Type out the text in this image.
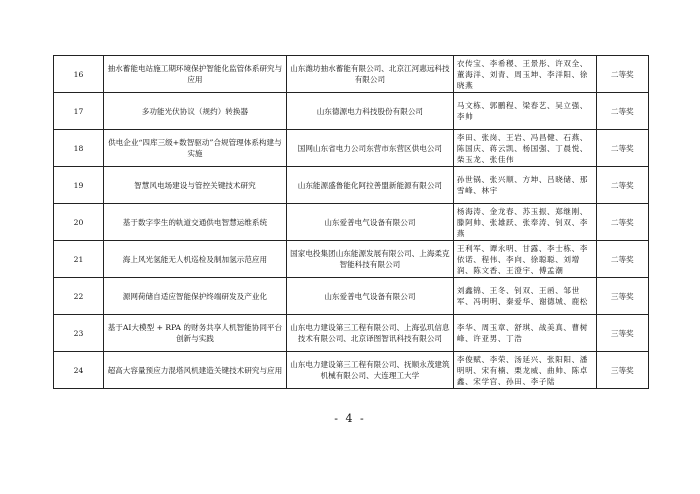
16	抽水蓄能电站施工期环境保护智能化监管体系研究与应用	山东潍坊抽水蓄能有限公司、北京江河惠远科技有限公司	衣传宝、李希稷、王景彤、许双全、董海洋、刘青、周玉坤、李洋阳、徐晓燕	二等奖
17	多功能光伏协议（规约）转换器	山东德源电力科技股份有限公司	马文栋、郭鹏程、梁春艺、吴立强、李帅	二等奖
18	供电企业“四库三级+数智驱动”合规管理体系构建与实施	国网山东省电力公司东营市东营区供电公司	李田、张岗、王岩、冯昌健、石燕、陈国庆、蒋云凯、杨国强、丁晨悦、柴玉龙、张佳伟	二等奖
19	智慧风电场建设与管控关键技术研究	山东能源盛鲁能化阿拉善盟新能源有限公司	孙世锅、张兴顺、方坤、吕晓储、那雪峰、林宇	二等奖
20	基于数字孪生的轨道交通供电智慧运维系统	山东爱普电气设备有限公司	杨海涛、金龙春、苏玉振、郑继刚、滕阿帅、张雄跃、张奉涛、钊双、李燕	二等奖
21	海上风光氢能无人机巡检及制加氢示范应用	国家电投集团山东能源发展有限公司、上海柔克智能科技有限公司	王利军、谭永明、甘露、李士栋、李依诺、程伟、李向、徐聪聪、刘增润、陈文香、王澄宇、傅孟潮	二等奖
22	源网荷储自适应智能保护终端研发及产业化	山东爱普电气设备有限公司	刘鑫锦、王冬、钊双、王函、邹世军、冯明明、秦爱华、谢德城、鹿松	三等奖
23	基于AI大模型 + RPA 的财务共享人机智能协同平台创新与实践	山东电力建设第三工程有限公司、上海弘玑信息技术有限公司、北京译图智讯科技有限公司	李华、周玉章、舒琪、战美真、曹树峰、许亚男、丁浩	三等奖
24	超高大容量预应力混塔风机建造关键技术研究与应用	山东电力建设第三工程有限公司、抚顺永茂建筑机械有限公司、大连理工大学	李俊赋、李荣、汤延兴、张阳阳、潘明明、宋有楠、栗龙威、曲帅、陈卓鑫、宋学宫、孙田、李子陆	三等奖
- 4 -
